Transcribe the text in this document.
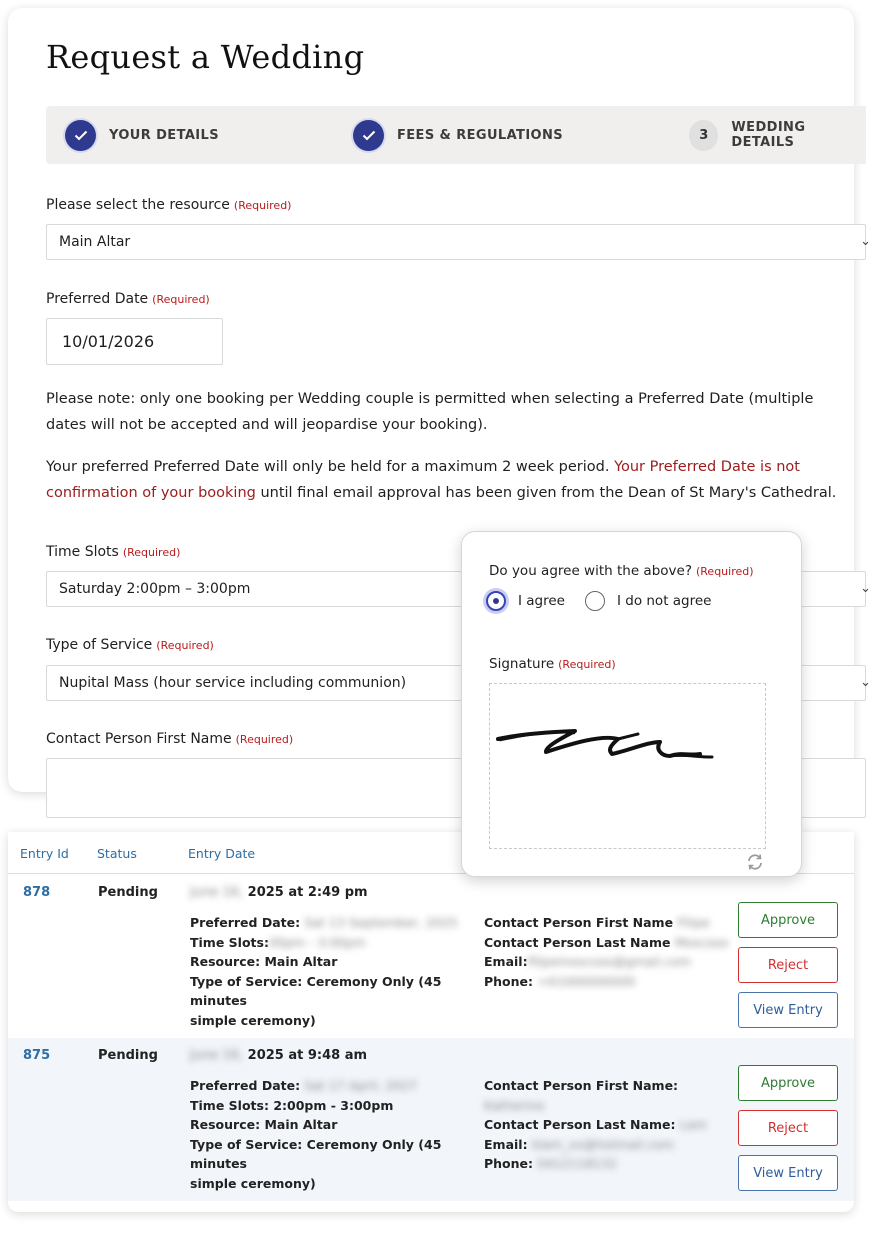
Request a Wedding
YOUR DETAILS	FEES & REGULATIONS	3	WEDDING DETAILS
Please select the resource (Required)
Main Altar	⌄
Preferred Date (Required)
10/01/2026

Please note: only one booking per Wedding couple is permitted when selecting a Preferred Date (multiple dates will not be accepted and will jeopardise your booking).

Your preferred Preferred Date will only be held for a maximum 2 week period. Your Preferred Date is not confirmation of your booking until final email approval has been given from the Dean of St Mary's Cathedral.

Time Slots (Required)
Saturday 2:00pm – 3:00pm	⌄
Type of Service (Required)
Nupital Mass (hour service including communion)	⌄
Contact Person First Name (Required)
Do you agree with the above? (Required)
I agree	I do not agree
Signature (Required)
Entry Id Status	Entry Date
878	Pending June 16, 2025 at 2:49 pm
Preferred Date: Sat 13 September, 2025
Time Slots:00pm - 3:00pm
Resource: Main Altar
Type of Service: Ceremony Only (45 minutes
simple ceremony)
Contact Person First Name Filipe
Contact Person Last Name Moscoso
Email:filipemoscoso@gmail.com
Phone: +61000000000
Approve
Reject
View Entry
875	Pending June 16, 2025 at 9:48 am
Preferred Date: Sat 17 April, 2027
Time Slots: 2:00pm - 3:00pm
Resource: Main Altar
Type of Service: Ceremony Only (45 minutes
simple ceremony)
Contact Person First Name: Katherine
Contact Person Last Name: Lam
Email: klam_xx@hotmail.com
Phone: 0412118132
Approve
Reject
View Entry
